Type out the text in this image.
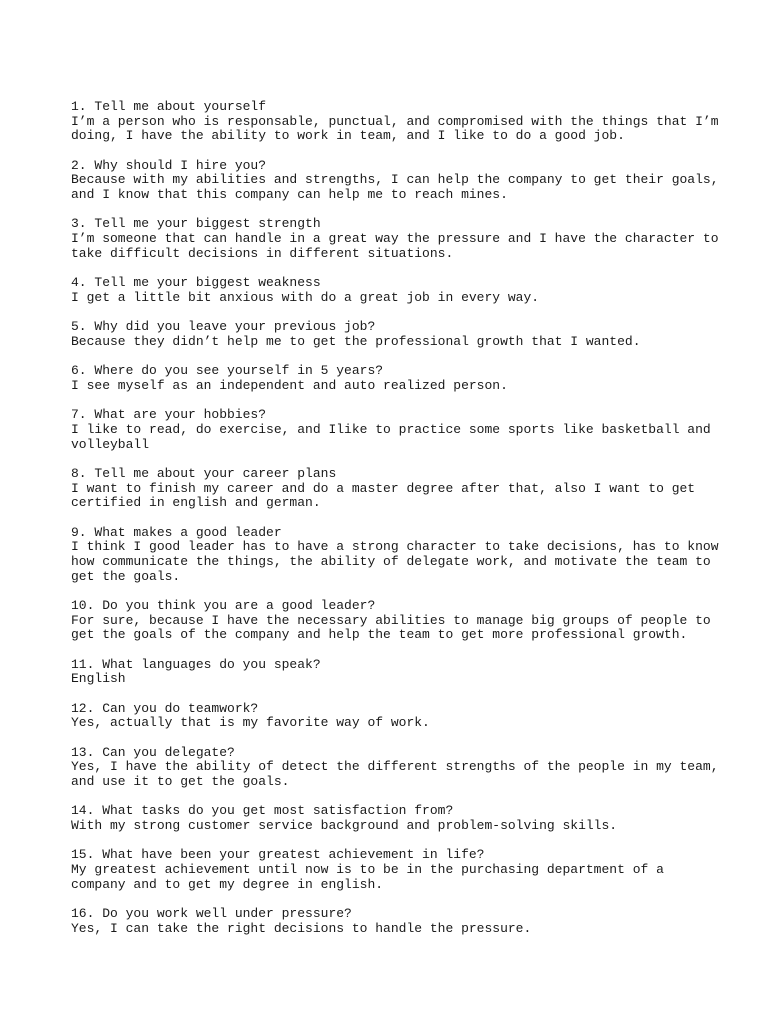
1. Tell me about yourself
I’m a person who is responsable, punctual, and compromised with the things that I’m
doing, I have the ability to work in team, and I like to do a good job.
2. Why should I hire you?
Because with my abilities and strengths, I can help the company to get their goals,
and I know that this company can help me to reach mines.
3. Tell me your biggest strength
I’m someone that can handle in a great way the pressure and I have the character to
take difficult decisions in different situations.
4. Tell me your biggest weakness
I get a little bit anxious with do a great job in every way.
5. Why did you leave your previous job?
Because they didn’t help me to get the professional growth that I wanted.
6. Where do you see yourself in 5 years?
I see myself as an independent and auto realized person.
7. What are your hobbies?
I like to read, do exercise, and Ilike to practice some sports like basketball and
volleyball
8. Tell me about your career plans
I want to finish my career and do a master degree after that, also I want to get
certified in english and german.
9. What makes a good leader
I think I good leader has to have a strong character to take decisions, has to know
how communicate the things, the ability of delegate work, and motivate the team to
get the goals.
10. Do you think you are a good leader?
For sure, because I have the necessary abilities to manage big groups of people to
get the goals of the company and help the team to get more professional growth.
11. What languages do you speak?
English
12. Can you do teamwork?
Yes, actually that is my favorite way of work.
13. Can you delegate?
Yes, I have the ability of detect the different strengths of the people in my team,
and use it to get the goals.
14. What tasks do you get most satisfaction from?
With my strong customer service background and problem-solving skills.
15. What have been your greatest achievement in life?
My greatest achievement until now is to be in the purchasing department of a
company and to get my degree in english.
16. Do you work well under pressure?
Yes, I can take the right decisions to handle the pressure.
